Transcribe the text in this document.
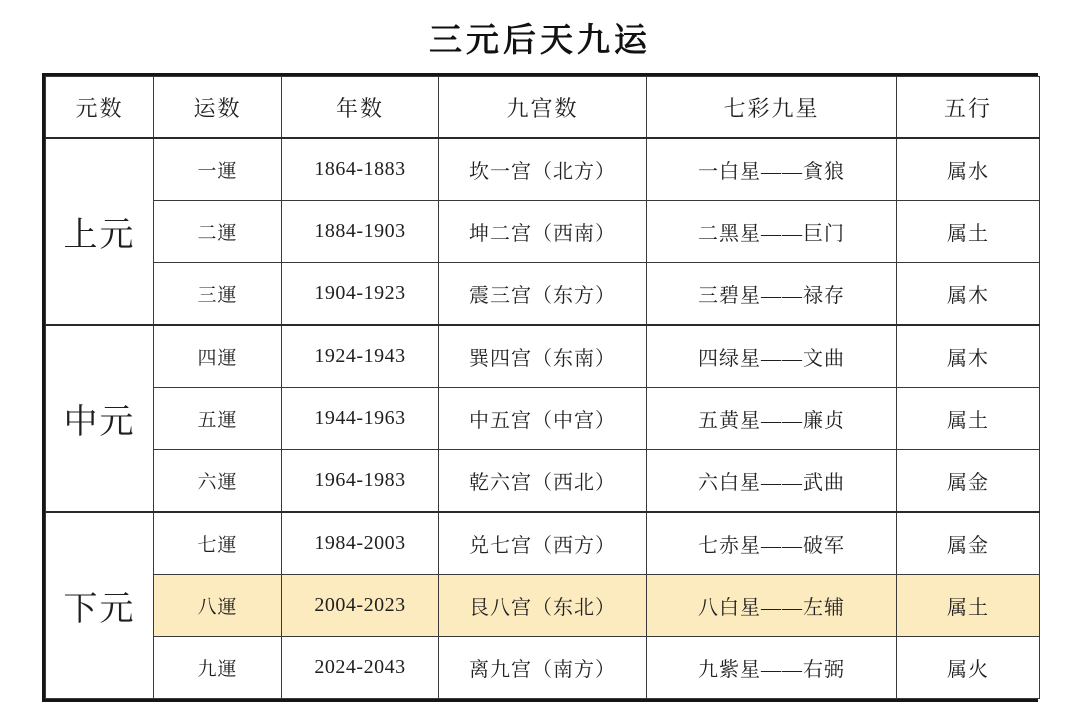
三元后天九运
元数	运数	年数	九宫数	七彩九星	五行
上元	一運	1864-1883	坎一宫（北方）	一白星——貪狼	属水
	二運	1884-1903	坤二宫（西南）	二黑星——巨门	属土
	三運	1904-1923	震三宫（东方）	三碧星——禄存	属木
中元	四運	1924-1943	巽四宫（东南）	四绿星——文曲	属木
	五運	1944-1963	中五宫（中宫）	五黄星——廉贞	属土
	六運	1964-1983	乾六宫（西北）	六白星——武曲	属金
下元	七運	1984-2003	兑七宫（西方）	七赤星——破军	属金
	八運	2004-2023	艮八宫（东北）	八白星——左辅	属土
	九運	2024-2043	离九宫（南方）	九紫星——右弼	属火
